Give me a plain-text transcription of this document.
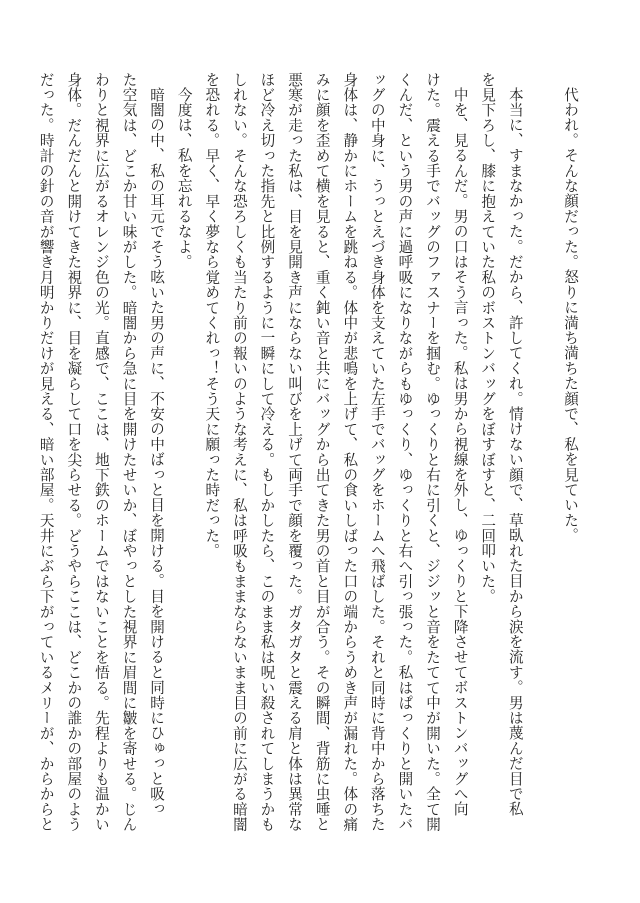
代われ。そんな顔だった。怒りに満ち満ちた顔で、私を見ていた。

本当に、すまなかった。だから、許してくれ。情けない顔で、草臥れた目から涙を流す。男は蔑んだ目で私
を見下ろし、膝に抱えていた私のボストンバッグをぼすぼすと、二回叩いた。
中を、見るんだ。男の口はそう言った。私は男から視線を外し、ゆっくりと下降させてボストンバッグへ向
けた。震える手でバッグのファスナーを掴む。ゆっくりと右に引くと、ジジッと音をたてて中が開いた。全て開
くんだ、という男の声に過呼吸になりながらもゆっくり、ゆっくりと右へ引っ張った。私はぱっくりと開いたバ
ッグの中身に、うっとえづき身体を支えていた左手でバッグをホームへ飛ばした。それと同時に背中から落ちた
身体は、静かにホームを跳ねる。体中が悲鳴を上げて、私の食いしばった口の端からうめき声が漏れた。体の痛
みに顔を歪めて横を見ると、重く鈍い音と共にバッグから出てきた男の首と目が合う。その瞬間、背筋に虫唾と
悪寒が走った私は、目を見開き声にならない叫びを上げて両手で顔を覆った。ガタガタと震える肩と体は異常な
ほど冷え切った指先と比例するように一瞬にして冷える。もしかしたら、このまま私は呪い殺されてしまうかも
しれない。そんな恐ろしくも当たり前の報いのような考えに、私は呼吸もままならないまま目の前に広がる暗闇
を恐れる。早く、早く夢なら覚めてくれっ！そう天に願った時だった。
今度は、私を忘れるなよ。
暗闇の中、私の耳元でそう呟いた男の声に、不安の中ばっと目を開ける。目を開けると同時にひゅっと吸っ
た空気は、どこか甘い味がした。暗闇から急に目を開けたせいか、ぼやっとした視界に眉間に皺を寄せる。じん
わりと視界に広がるオレンジ色の光。直感で、ここは、地下鉄のホームではないことを悟る。先程よりも温かい
身体。だんだんと開けてきた視界に、目を凝らして口を尖らせる。どうやらここは、どこかの誰かの部屋のよう
だった。時計の針の音が響き月明かりだけが見える、暗い部屋。天井にぶら下がっているメリーが、からからと
